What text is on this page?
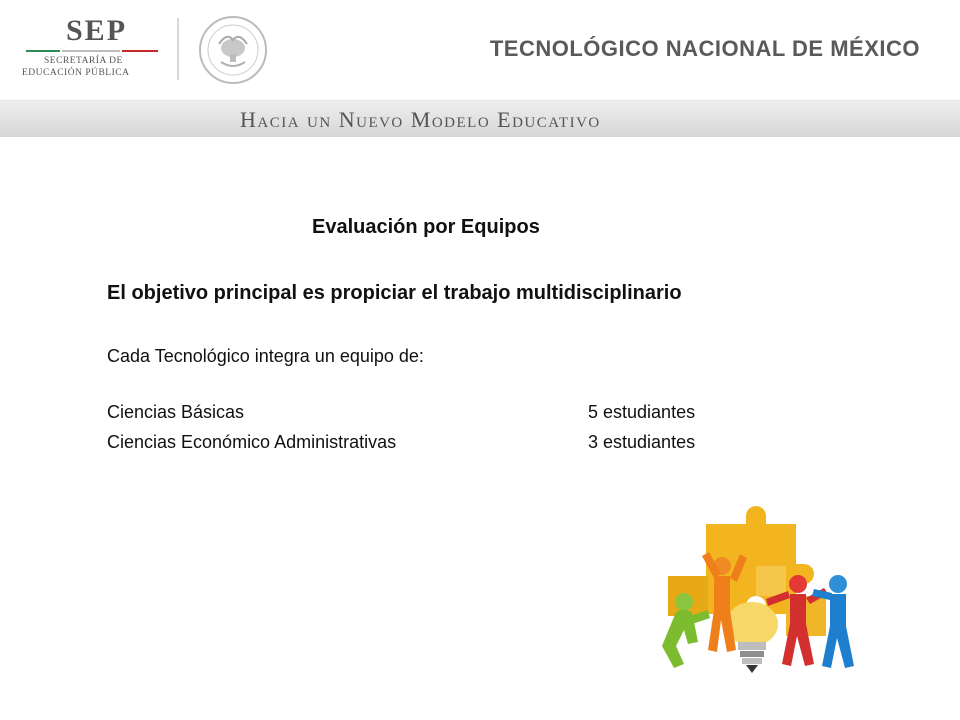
SEP
SECRETARÍA DE
EDUCACIÓN PÚBLICA
TECNOLÓGICO NACIONAL DE MÉXICO
Hacia un Nuevo Modelo Educativo
Evaluación por Equipos
El objetivo principal es propiciar el trabajo multidisciplinario
Cada Tecnológico integra un equipo de:
Ciencias Básicas	5 estudiantes
Ciencias Económico Administrativas	3 estudiantes
